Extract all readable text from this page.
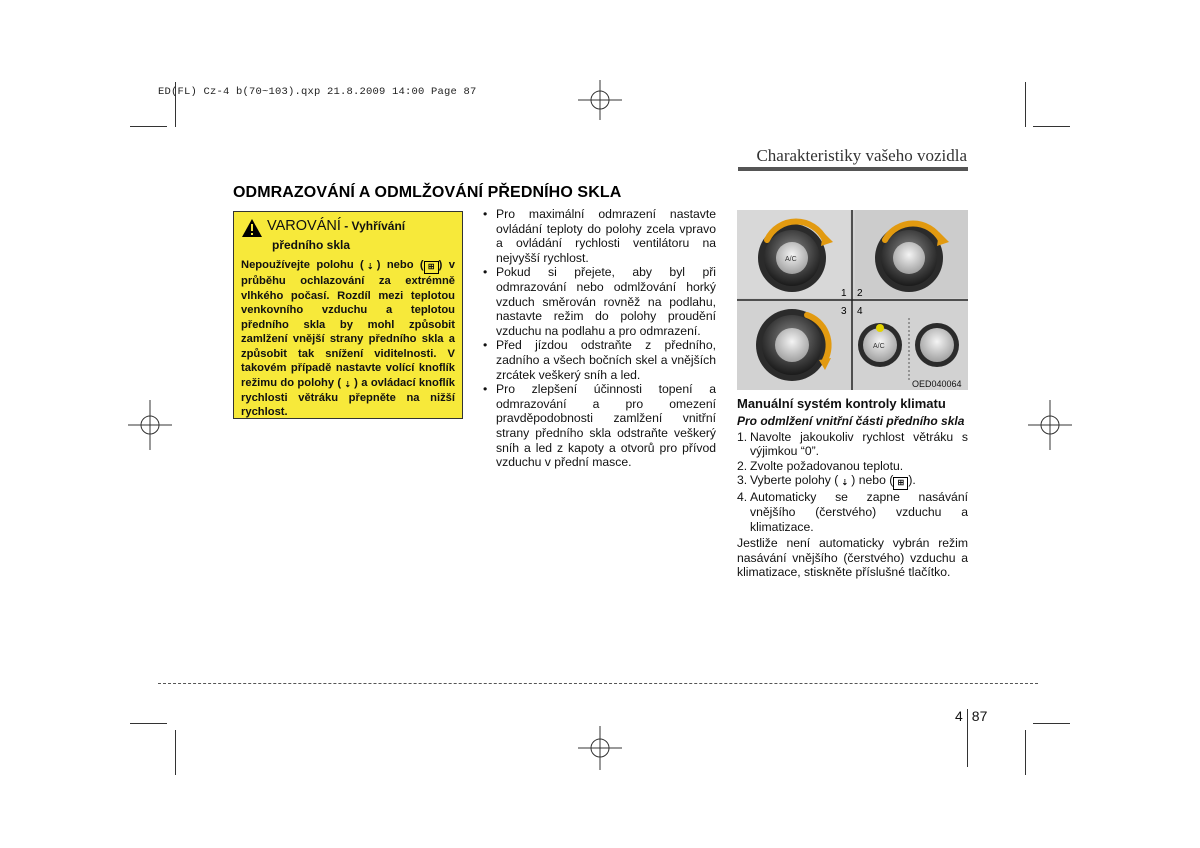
ED(FL) Cz-4 b(70~103).qxp 21.8.2009 14:00 Page 87
Charakteristiky vašeho vozidla
ODMRAZOVÁNÍ A ODMLŽOVÁNÍ PŘEDNÍHO SKLA
VAROVÁNÍ - Vyhřívání
předního skla
Nepoužívejte polohu ( ⇣ ) nebo ( ⊞ ) v průběhu ochlazování za extrémně vlhkého počasí. Rozdíl mezi teplotou venkovního vzduchu a teplotou předního skla by mohl způsobit zamlžení vnější strany předního skla a způsobit tak snížení viditelnosti. V takovém případě nastavte volící knoflík režimu do polohy ( ⇣ ) a ovládací knoflík rychlosti větráku přepněte na nižší rychlost.
• Pro maximální odmrazení nastavte ovládání teploty do polohy zcela vpravo a ovládání rychlosti ventilátoru na nejvyšší rychlost.
• Pokud si přejete, aby byl při odmrazování nebo odmlžování horký vzduch směrován rovněž na podlahu, nastavte režim do polohy proudění vzduchu na podlahu a pro odmrazení.
• Před jízdou odstraňte z předního, zadního a všech bočních skel a vnějších zrcátek veškerý sníh a led.
• Pro zlepšení účinnosti topení a odmrazování a pro omezení pravděpodobnosti zamlžení vnitřní strany předního skla odstraňte veškerý sníh a led z kapoty a otvorů pro přívod vzduchu v přední masce.
A/C
A/C
1 2
3 4
OED040064
Manuální systém kontroly klimatu
Pro odmlžení vnitřní části předního skla
1. Navolte jakoukoliv rychlost větráku s výjimkou “0”.
2. Zvolte požadovanou teplotu.
3. Vyberte polohy ( ⇣ ) nebo ( ⊞ ).
4. Automaticky se zapne nasávání vnějšího (čerstvého) vzduchu a klimatizace.

Jestliže není automaticky vybrán režim nasávání vnějšího (čerstvého) vzduchu a klimatizace, stiskněte příslušné tlačítko.

4 87
